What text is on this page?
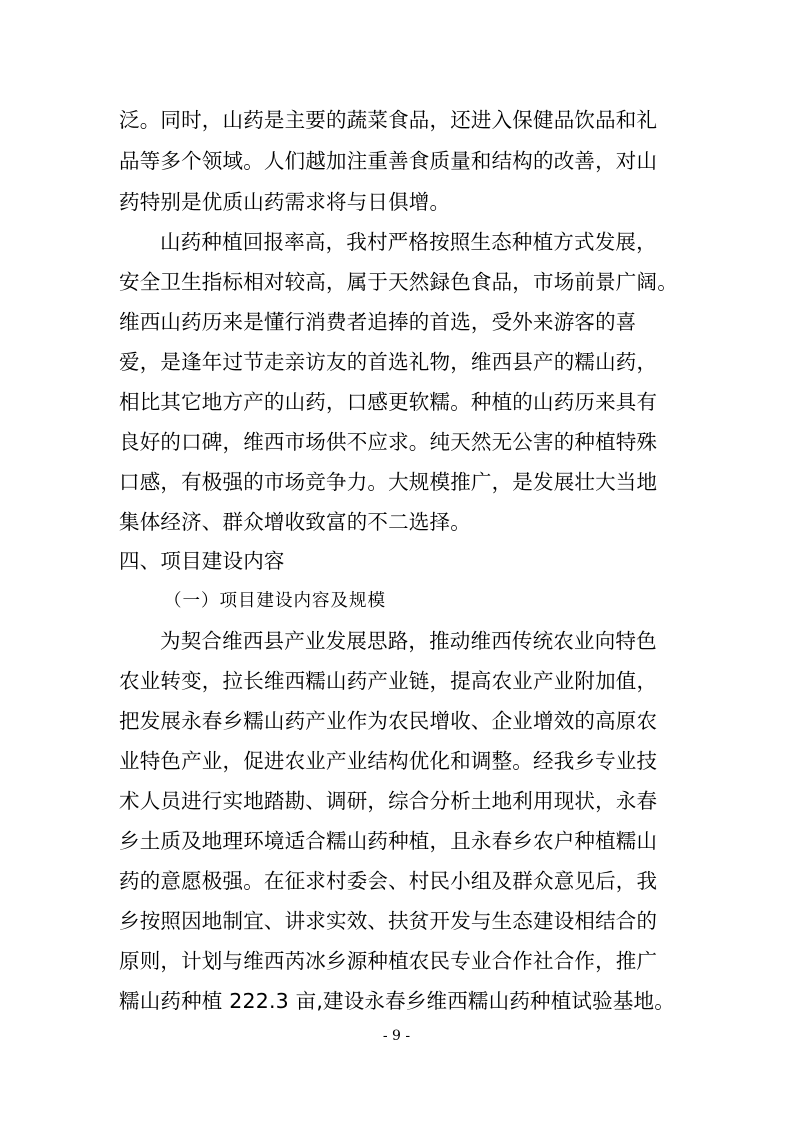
泛。同时，山药是主要的蔬菜食品，还进入保健品饮品和礼
品等多个领域。人们越加注重善食质量和结构的改善，对山
药特别是优质山药需求将与日俱增。
山药种植回报率高，我村严格按照生态种植方式发展，
安全卫生指标相对较高，属于天然録色食品，市场前景广阔。
维西山药历来是懂行消费者追捧的首选，受外来游客的喜
爱，是逢年过节走亲访友的首选礼物，维西县产的糯山药，
相比其它地方产的山药，口感更软糯。种植的山药历来具有
良好的口碑，维西市场供不应求。纯天然无公害的种植特殊
口感，有极强的市场竞争力。大规模推广，是发展壮大当地
集体经济、群众增收致富的不二选择。
四、项目建设内容
（一）项目建设内容及规模
为契合维西县产业发展思路，推动维西传统农业向特色
农业转变，拉长维西糯山药产业链，提高农业产业附加值，
把发展永春乡糯山药产业作为农民增收、企业增效的高原农
业特色产业，促进农业产业结构优化和调整。经我乡专业技
术人员进行实地踏勘、调研，综合分析土地利用现状，永春
乡土质及地理环境适合糯山药种植，且永春乡农户种植糯山
药的意愿极强。在征求村委会、村民小组及群众意见后，我
乡按照因地制宜、讲求实效、扶贫开发与生态建设相结合的
原则，计划与维西芮冰乡源种植农民专业合作社合作，推广
糯山药种植 222.3 亩,建设永春乡维西糯山药种植试验基地。
- 9 -
